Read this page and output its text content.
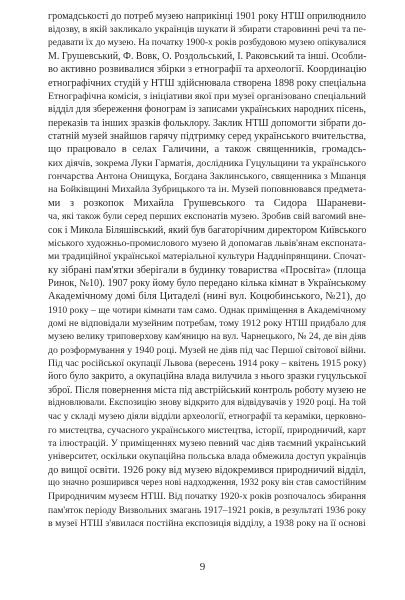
громадськості до потреб музею наприкінці 1901 року НТШ оприлюднило
відозву, в якій закликало українців шукати й збирати старовинні речі та пе-
редавати їх до музею. На початку 1900-х років розбудовою музею опікувалися
М. Грушевський, Ф. Вовк, О. Роздольський, І. Раковський та інші. Особли-
во активно розвивалися збірки з етнографії та археології. Координацію
етнографічних студій у НТШ здійснювала створена 1898 року спеціальна
Етнографічна комісія, з ініціативи якої при музеї організовано спеціальний
відділ для збереження фонограм із записами українських народних пісень,
переказів та інших зразків фольклору. Заклик НТШ допомогти зібрати до-
статній музей знайшов гарячу підтримку серед українського вчительства,
що працювало в селах Галичини, а також священників, громадсь-
ких діячів, зокрема Луки Гарматія, дослідника Гуцульщини та українського
гончарства Антона Онищука, Богдана Заклинського, священника з Мшанця
на Бойківщині Михайла Зубрицького та ін. Музей поповнювався предмета-
ми з розкопок Михайла Грушевського та Сидора Шараневи-
ча, які також були серед перших експонатів музею. Зробив свій вагомий вне-
сок і Микола Біляшівський, який був багаторічним директором Київського
міського художньо-промислового музею й допомагав львів'янам експоната-
ми традиційної української матеріальної культури Наддніпрянщини. Спочат-
ку зібрані пам'ятки зберігали в будинку товариства «Просвіта» (площа
Ринок, №10). 1907 року йому було передано кілька кімнат в Українському
Академічному домі біля Цитаделі (нині вул. Коцюбинського, №21), до
1910 року – ще чотири кімнати там само. Однак приміщення в Академічному
домі не відповідали музейним потребам, тому 1912 року НТШ придбало для
музею велику триповерхову кам'яницю на вул. Чарнецького, № 24, де він діяв
до розформування у 1940 році. Музей не діяв під час Першої світової війни.
Під час російської окупації Львова (вересень 1914 року – квітень 1915 року)
його було закрито, а окупаційна влада вилучила з нього зразки гуцульської
зброї. Після повернення міста під австрійський контроль роботу музею не
відновлювали. Експозицію знову відкрито для відвідувачів у 1920 році. На той
час у складі музею діяли відділи археології, етнографії та кераміки, церковно-
го мистецтва, сучасного українського мистецтва, історії, природничий, карт
та ілюстрацій. У приміщеннях музею певний час діяв таємний український
університет, оскільки окупаційна польська влада обмежила доступ українців
до вищої освіти. 1926 року від музею відокремився природничий відділ,
що значно розширився через нові надходження, 1932 року він став самостійним
Природничим музеєм НТШ. Від початку 1920-х років розпочалось збирання
пам'яток періоду Визвольних змагань 1917–1921 років, в результаті 1936 року
в музеї НТШ з'явилася постійна експозиція відділу, а 1938 року на її основі
9
